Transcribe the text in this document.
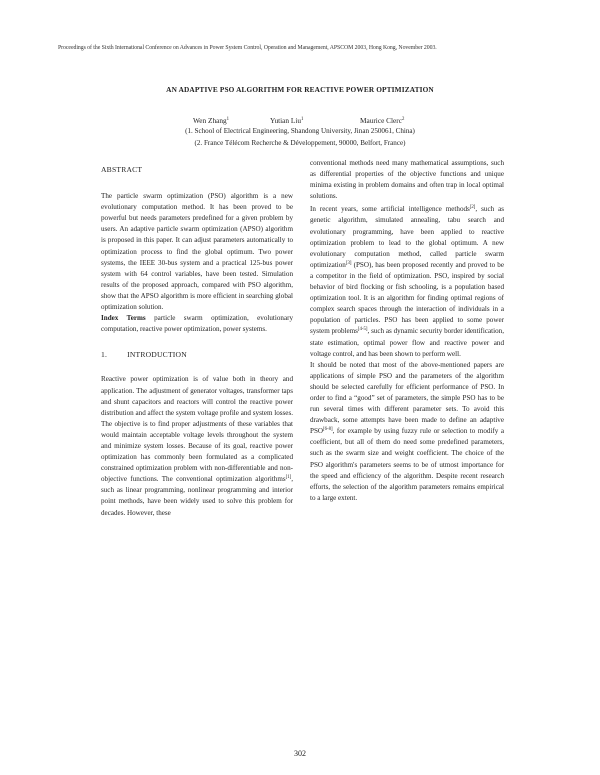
Proceedings of the Sixth International Conference on Advances in Power System Control, Operation and Management, APSCOM 2003, Hong Kong, November 2003.
AN ADAPTIVE PSO ALGORITHM FOR REACTIVE POWER OPTIMIZATION
Wen Zhang$^1$	Yutian Liu$^1$	Maurice Clerc$^2$
(1. School of Electrical Engineering, Shandong University, Jinan 250061, China)
(2. France Télécom Recherche & Développement, 90000, Belfort, France)

ABSTRACT

The particle swarm optimization (PSO) algorithm is a new evolutionary computation method. It has been proved to be powerful but needs parameters predefined for a given problem by users. An adaptive particle swarm optimization (APSO) algorithm is proposed in this paper. It can adjust parameters automatically to optimization process to find the global optimum. Two power systems, the IEEE 30-bus system and a practical 125-bus power system with 64 control variables, have been tested. Simulation results of the proposed approach, compared with PSO algorithm, show that the APSO algorithm is more efficient in searching global optimization solution.

Index Terms particle swarm optimization, evolutionary computation, reactive power optimization, power systems.

1.	INTRODUCTION

Reactive power optimization is of value both in theory and application. The adjustment of generator voltages, transformer taps and shunt capacitors and reactors will control the reactive power distribution and affect the system voltage profile and system losses. The objective is to find proper adjustments of these variables that would maintain acceptable voltage levels throughout the system and minimize system losses. Because of its goal, reactive power optimization has commonly been formulated as a complicated constrained optimization problem with non-differentiable and non-objective functions. The conventional optimization algorithms[1], such as linear programming, nonlinear programming and interior point methods, have been widely used to solve this problem for decades. However, these

conventional methods need many mathematical assumptions, such as differential properties of the objective functions and unique minima existing in problem domains and often trap in local optimal solutions.

In recent years, some artificial intelligence methods[2], such as genetic algorithm, simulated annealing, tabu search and evolutionary programming, have been applied to reactive optimization problem to lead to the global optimum. A new evolutionary computation method, called particle swarm optimization[3] (PSO), has been proposed recently and proved to be a competitor in the field of optimization. PSO, inspired by social behavior of bird flocking or fish schooling, is a population based optimization tool. It is an algorithm for finding optimal regions of complex search spaces through the interaction of individuals in a population of particles. PSO has been applied to some power system problems[4-5], such as dynamic security border identification, state estimation, optimal power flow and reactive power and voltage control, and has been shown to perform well.

It should be noted that most of the above-mentioned papers are applications of simple PSO and the parameters of the algorithm should be selected carefully for efficient performance of PSO. In order to find a “good” set of parameters, the simple PSO has to be run several times with different parameter sets. To avoid this drawback, some attempts have been made to define an adaptive PSO[6-8], for example by using fuzzy rule or selection to modify a coefficient, but all of them do need some predefined parameters, such as the swarm size and weight coefficient. The choice of the PSO algorithm's parameters seems to be of utmost importance for the speed and efficiency of the algorithm. Despite recent research efforts, the selection of the algorithm parameters remains empirical to a large extent.

302
